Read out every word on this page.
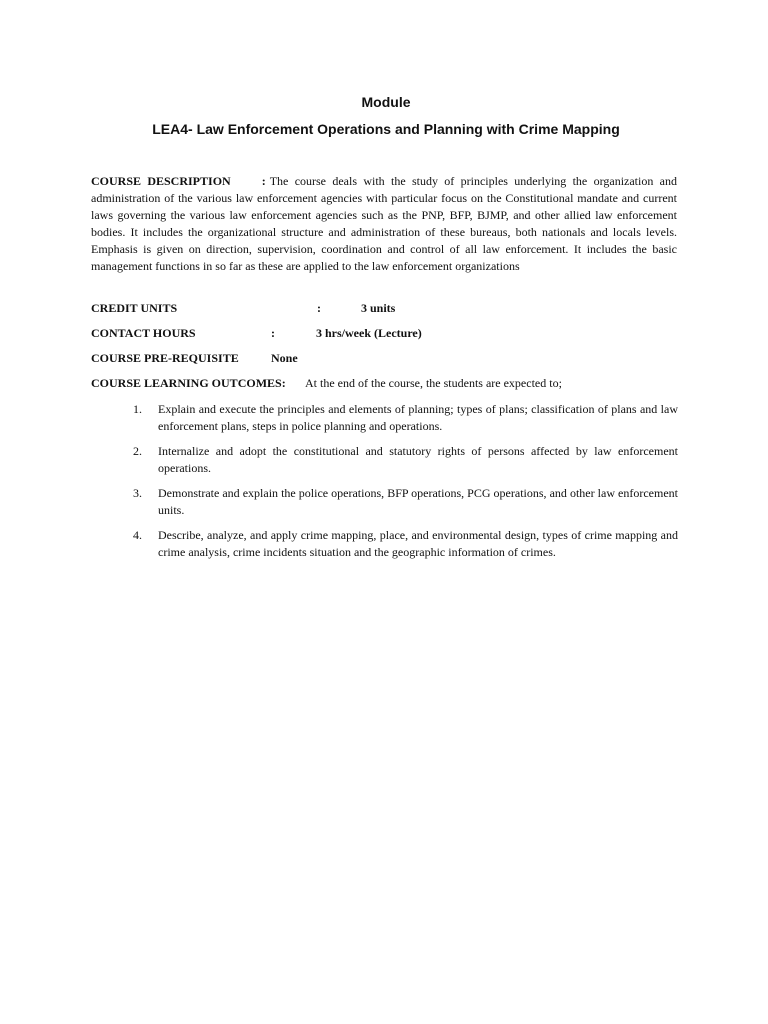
Module
LEA4- Law Enforcement Operations and Planning with Crime Mapping
COURSE DESCRIPTION	: The course deals with the study of principles underlying the organization and administration of the various law enforcement agencies with particular focus on the Constitutional mandate and current laws governing the various law enforcement agencies such as the PNP, BFP, BJMP, and other allied law enforcement bodies. It includes the organizational structure and administration of these bureaus, both nationals and locals levels. Emphasis is given on direction, supervision, coordination and control of all law enforcement. It includes the basic management functions in so far as these are applied to the law enforcement organizations
CREDIT UNITS	:	3 units
CONTACT HOURS	:	3 hrs/week (Lecture)
COURSE PRE-REQUISITE	None
COURSE LEARNING OUTCOMES: At the end of the course, the students are expected to;
1.	Explain and execute the principles and elements of planning; types of plans; classification of plans and law enforcement plans, steps in police planning and operations.
2.	Internalize and adopt the constitutional and statutory rights of persons affected by law enforcement operations.
3.	Demonstrate and explain the police operations, BFP operations, PCG operations, and other law enforcement units.
4.	Describe, analyze, and apply crime mapping, place, and environmental design, types of crime mapping and crime analysis, crime incidents situation and the geographic information of crimes.
